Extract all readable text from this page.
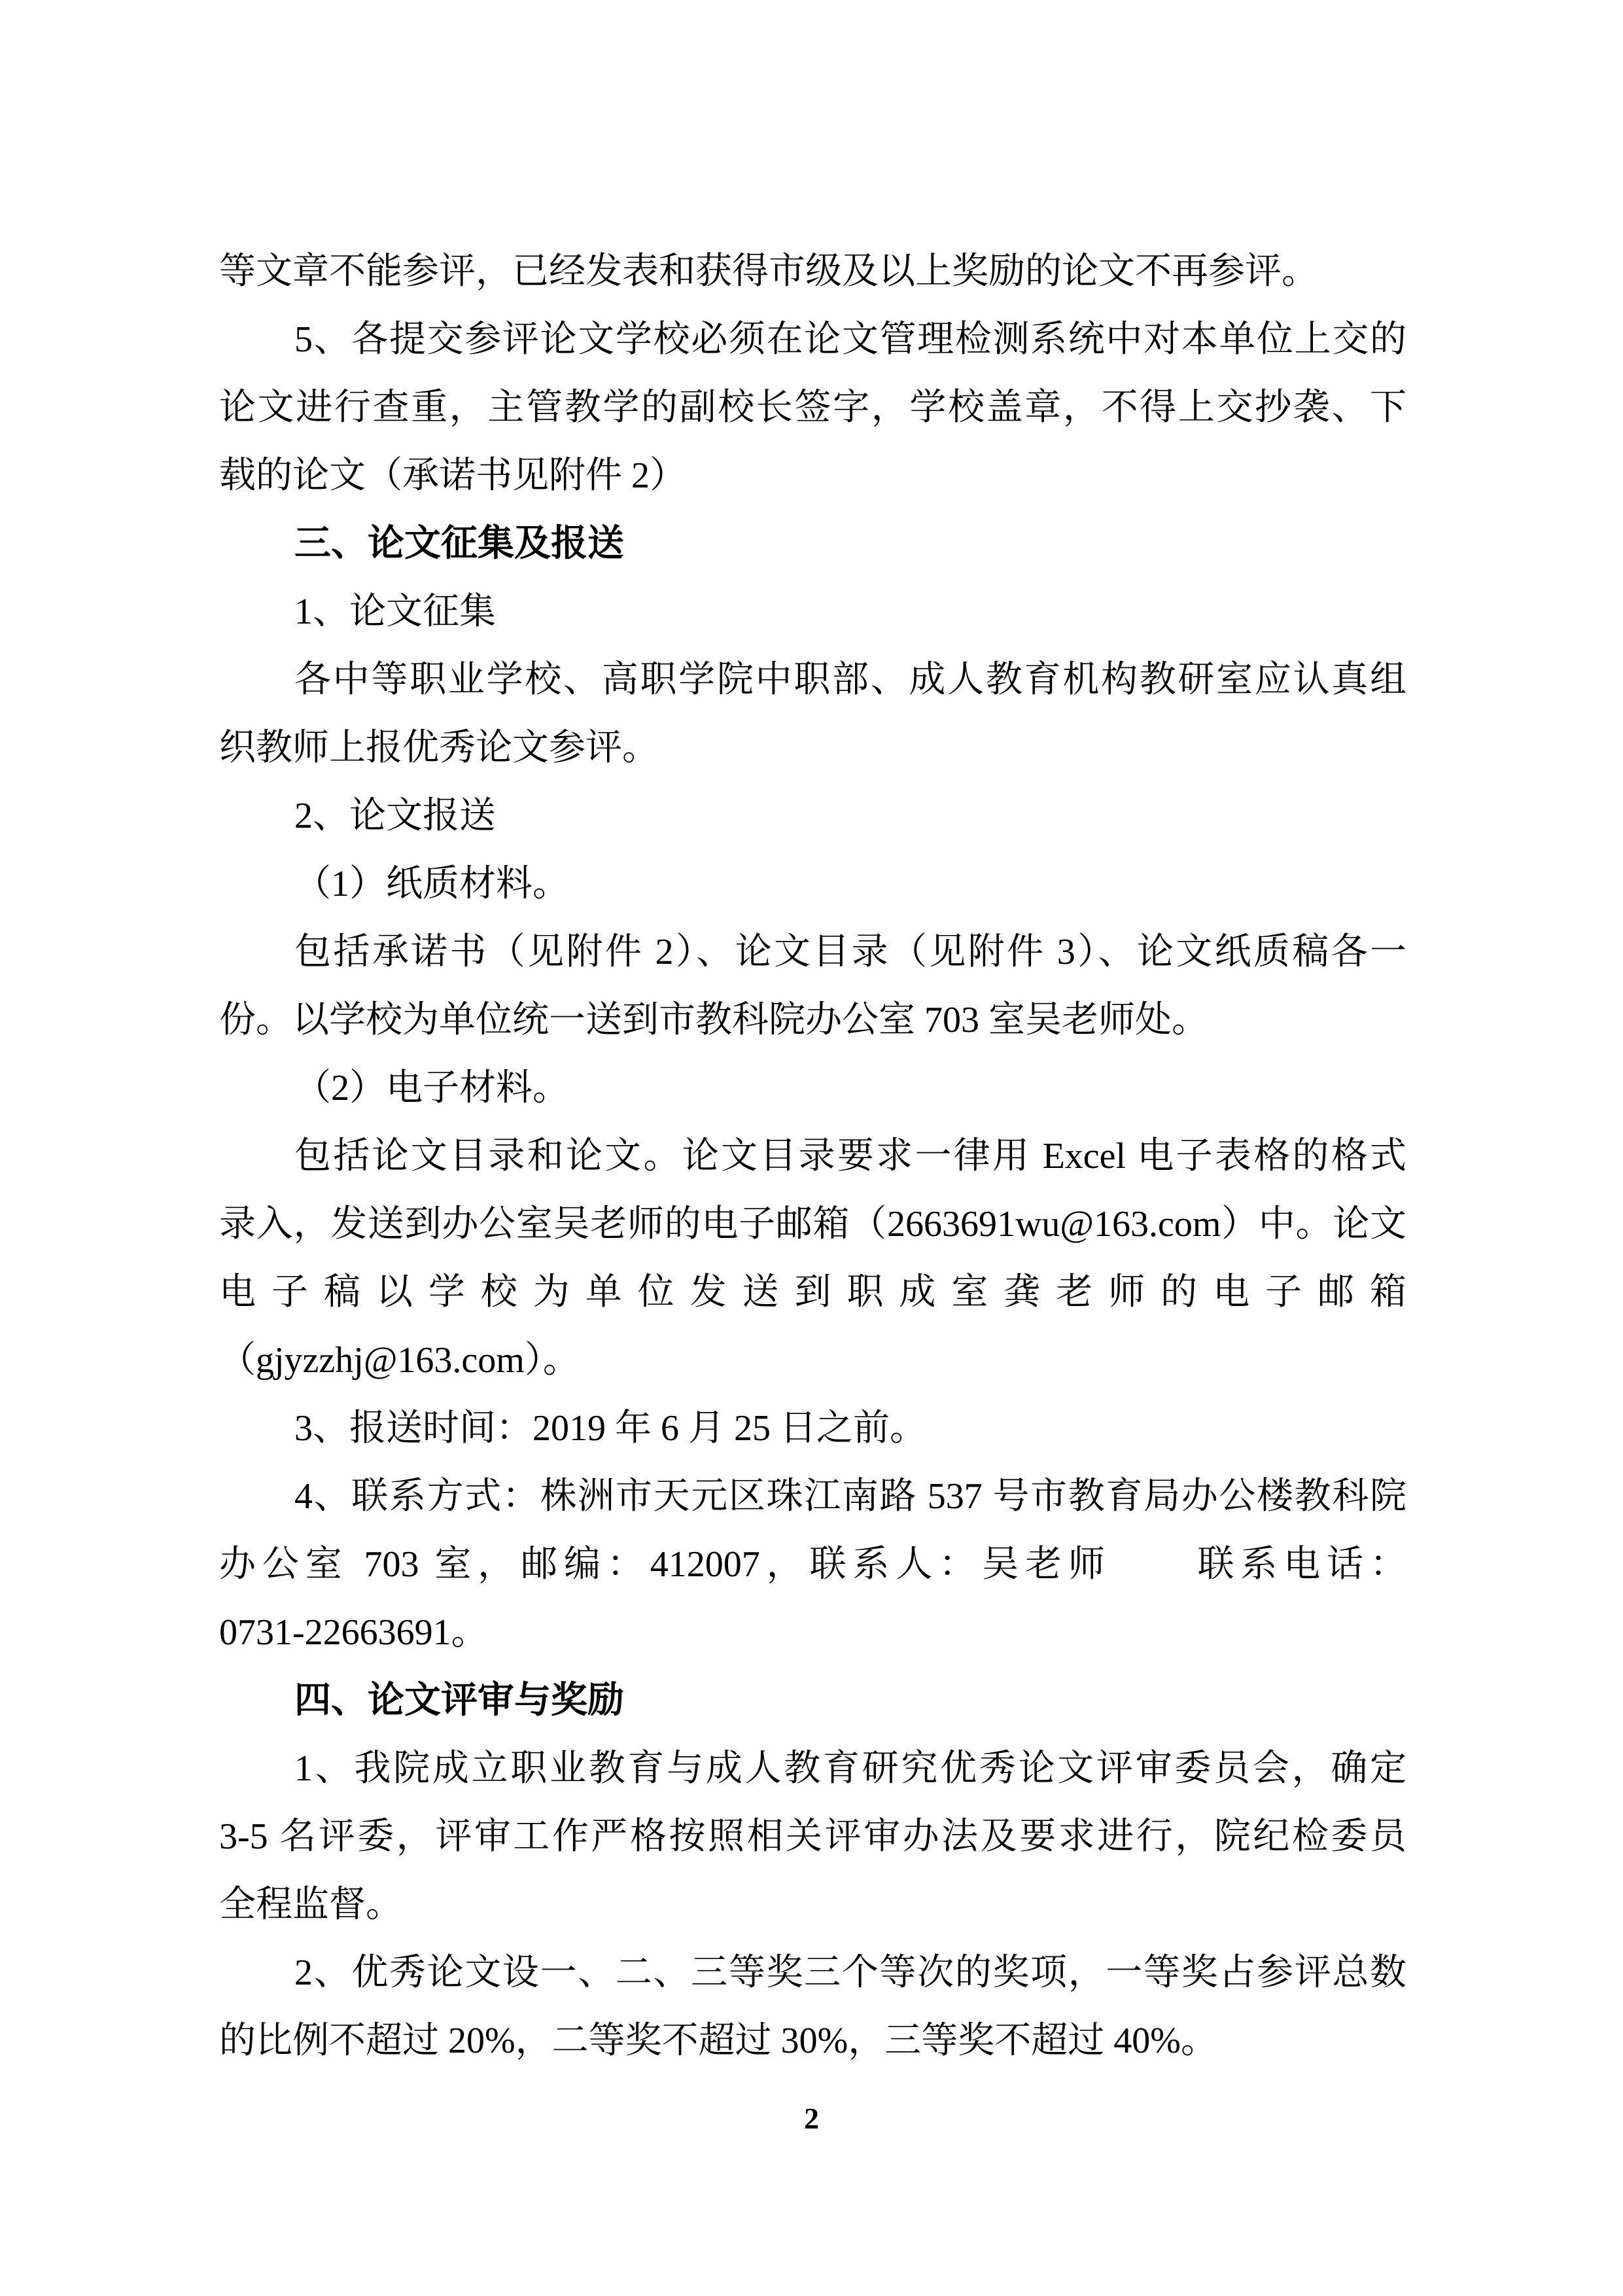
等文章不能参评，已经发表和获得市级及以上奖励的论文不再参评。

5、各提交参评论文学校必须在论文管理检测系统中对本单位上交的

论文进行查重，主管教学的副校长签字，学校盖章，不得上交抄袭、下

载的论文（承诺书见附件 2）

三、论文征集及报送

1、论文征集

各中等职业学校、高职学院中职部、成人教育机构教研室应认真组

织教师上报优秀论文参评。

2、论文报送

（1）纸质材料。

包括承诺书（见附件 2）、论文目录（见附件 3）、论文纸质稿各一

份。以学校为单位统一送到市教科院办公室 703 室吴老师处。

（2）电子材料。

包括论文目录和论文。论文目录要求一律用 Excel 电子表格的格式

录入，发送到办公室吴老师的电子邮箱（2663691wu@163.com）中。论文

电子稿以学校为单位发送到职成室龚老师的电子邮箱

（gjyzzhj@163.com）。

3、报送时间：2019 年 6 月 25 日之前。

4、联系方式：株洲市天元区珠江南路 537 号市教育局办公楼教科院

办公室 703 室，邮编：412007，联系人：吴老师　　联系电话：

0731-22663691。

四、论文评审与奖励

1、我院成立职业教育与成人教育研究优秀论文评审委员会，确定

3-5 名评委，评审工作严格按照相关评审办法及要求进行，院纪检委员

全程监督。

2、优秀论文设一、二、三等奖三个等次的奖项，一等奖占参评总数

的比例不超过 20%，二等奖不超过 30%，三等奖不超过 40%。

2
